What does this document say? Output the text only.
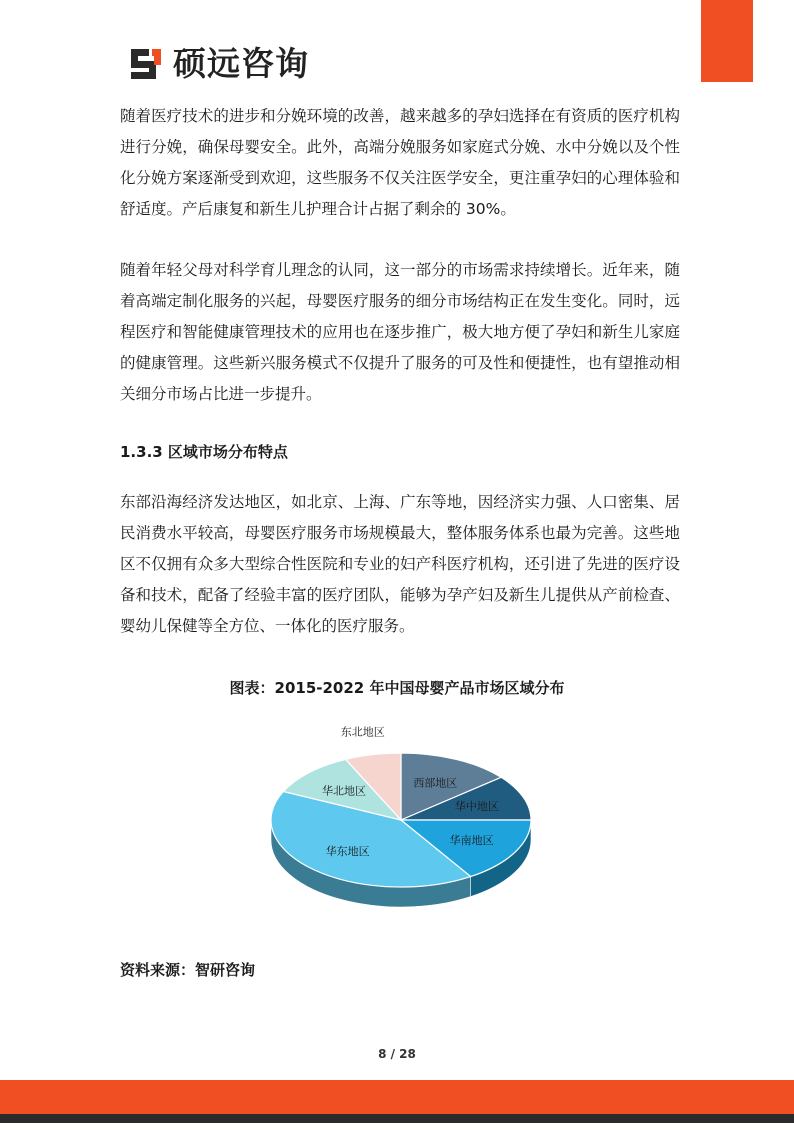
硕远咨询

随着医疗技术的进步和分娩环境的改善，越来越多的孕妇选择在有资质的医疗机构进行分娩，确保母婴安全。此外，高端分娩服务如家庭式分娩、水中分娩以及个性化分娩方案逐渐受到欢迎，这些服务不仅关注医学安全，更注重孕妇的心理体验和舒适度。产后康复和新生儿护理合计占据了剩余的 30%。

随着年轻父母对科学育儿理念的认同，这一部分的市场需求持续增长。近年来，随着高端定制化服务的兴起，母婴医疗服务的细分市场结构正在发生变化。同时，远程医疗和智能健康管理技术的应用也在逐步推广，极大地方便了孕妇和新生儿家庭的健康管理。这些新兴服务模式不仅提升了服务的可及性和便捷性，也有望推动相关细分市场占比进一步提升。

1.3.3 区域市场分布特点

东部沿海经济发达地区，如北京、上海、广东等地，因经济实力强、人口密集、居民消费水平较高，母婴医疗服务市场规模最大，整体服务体系也最为完善。这些地区不仅拥有众多大型综合性医院和专业的妇产科医疗机构，还引进了先进的医疗设备和技术，配备了经验丰富的医疗团队，能够为孕产妇及新生儿提供从产前检查、婴幼儿保健等全方位、一体化的医疗服务。

图表：2015-2022 年中国母婴产品市场区域分布

西部地区
华中地区
华南地区
华东地区
华北地区
东北地区

资料来源：智研咨询

8 / 28
